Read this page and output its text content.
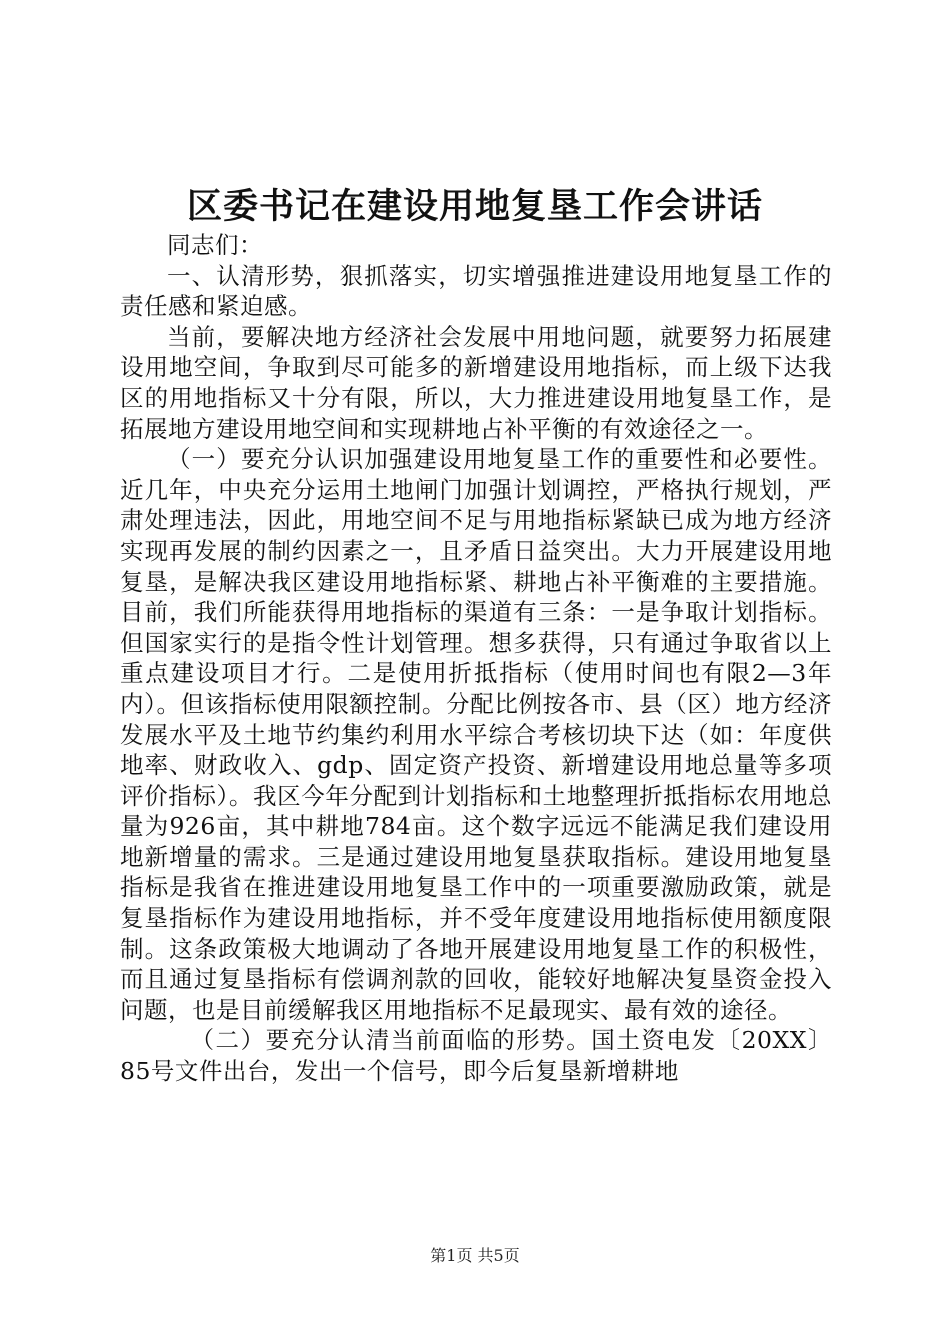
区委书记在建设用地复垦工作会讲话

同志们：

一、认清形势，狠抓落实，切实增强推进建设用地复垦工作的责任感和紧迫感。

当前，要解决地方经济社会发展中用地问题，就要努力拓展建设用地空间，争取到尽可能多的新增建设用地指标，而上级下达我区的用地指标又十分有限，所以，大力推进建设用地复垦工作，是拓展地方建设用地空间和实现耕地占补平衡的有效途径之一。

（一）要充分认识加强建设用地复垦工作的重要性和必要性。近几年，中央充分运用土地闸门加强计划调控，严格执行规划，严肃处理违法，因此，用地空间不足与用地指标紧缺已成为地方经济实现再发展的制约因素之一，且矛盾日益突出。大力开展建设用地复垦，是解决我区建设用地指标紧、耕地占补平衡难的主要措施。目前，我们所能获得用地指标的渠道有三条：一是争取计划指标。但国家实行的是指令性计划管理。想多获得，只有通过争取省以上重点建设项目才行。二是使用折抵指标（使用时间也有限2—3年内）。但该指标使用限额控制。分配比例按各市、县（区）地方经济发展水平及土地节约集约利用水平综合考核切块下达（如：年度供地率、财政收入、gdp、固定资产投资、新增建设用地总量等多项评价指标）。我区今年分配到计划指标和土地整理折抵指标农用地总量为926亩，其中耕地784亩。这个数字远远不能满足我们建设用地新增量的需求。三是通过建设用地复垦获取指标。建设用地复垦指标是我省在推进建设用地复垦工作中的一项重要激励政策，就是复垦指标作为建设用地指标，并不受年度建设用地指标使用额度限制。这条政策极大地调动了各地开展建设用地复垦工作的积极性，而且通过复垦指标有偿调剂款的回收，能较好地解决复垦资金投入问题，也是目前缓解我区用地指标不足最现实、最有效的途径。

（二）要充分认清当前面临的形势。国土资电发〔20XX〕85号文件出台，发出一个信号，即今后复垦新增耕地

第1页 共5页
